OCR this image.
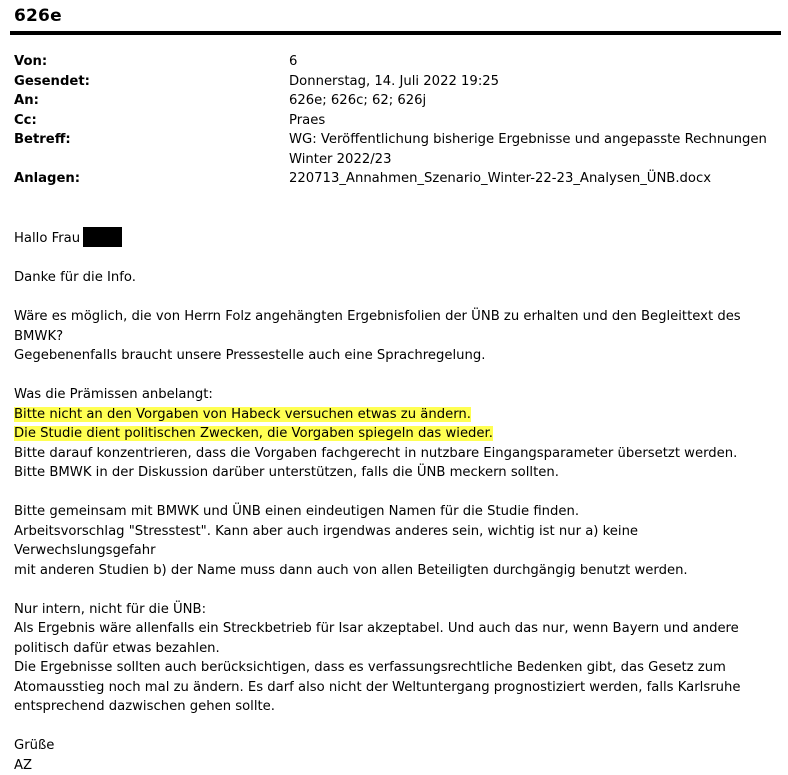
626e
Von:	6
Gesendet:	Donnerstag, 14. Juli 2022 19:25
An:	626e; 626c; 62; 626j
Cc:	Praes
Betreff:	WG: Veröffentlichung bisherige Ergebnisse und angepasste Rechnungen
Winter 2022/23
Anlagen:	220713_Annahmen_Szenario_Winter-22-23_Analysen_ÜNB.docx

Hallo Frau

Danke für die Info.

Wäre es möglich, die von Herrn Folz angehängten Ergebnisfolien der ÜNB zu erhalten und den Begleittext des

BMWK?

Gegebenenfalls braucht unsere Pressestelle auch eine Sprachregelung.

Was die Prämissen anbelangt:

Bitte nicht an den Vorgaben von Habeck versuchen etwas zu ändern.

Die Studie dient politischen Zwecken, die Vorgaben spiegeln das wieder.

Bitte darauf konzentrieren, dass die Vorgaben fachgerecht in nutzbare Eingangsparameter übersetzt werden.

Bitte BMWK in der Diskussion darüber unterstützen, falls die ÜNB meckern sollten.

Bitte gemeinsam mit BMWK und ÜNB einen eindeutigen Namen für die Studie finden.

Arbeitsvorschlag "Stresstest". Kann aber auch irgendwas anderes sein, wichtig ist nur a) keine Verwechslungsgefahr

mit anderen Studien b) der Name muss dann auch von allen Beteiligten durchgängig benutzt werden.

Nur intern, nicht für die ÜNB:

Als Ergebnis wäre allenfalls ein Streckbetrieb für Isar akzeptabel. Und auch das nur, wenn Bayern und andere

politisch dafür etwas bezahlen.

Die Ergebnisse sollten auch berücksichtigen, dass es verfassungsrechtliche Bedenken gibt, das Gesetz zum

Atomausstieg noch mal zu ändern. Es darf also nicht der Weltuntergang prognostiziert werden, falls Karlsruhe

entsprechend dazwischen gehen sollte.

Grüße

AZ
